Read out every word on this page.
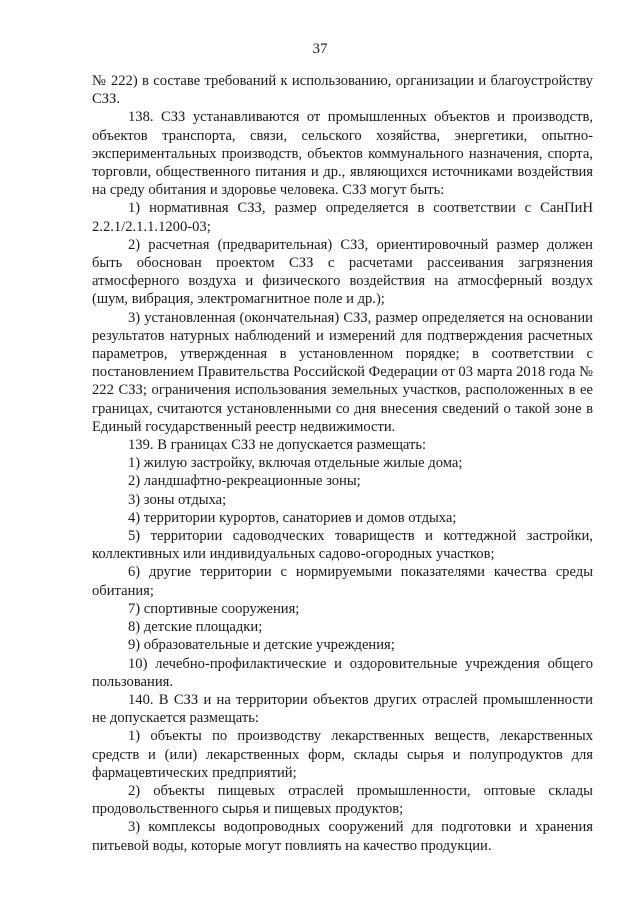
37

№ 222) в составе требований к использованию, организации и благоустройству СЗЗ.

138. СЗЗ устанавливаются от промышленных объектов и производств, объектов транспорта, связи, сельского хозяйства, энергетики, опытно-экспериментальных производств, объектов коммунального назначения, спорта, торговли, общественного питания и др., являющихся источниками воздействия на среду обитания и здоровье человека. СЗЗ могут быть:

1) нормативная СЗЗ, размер определяется в соответствии с СанПиН 2.2.1/2.1.1.1200-03;

2) расчетная (предварительная) СЗЗ, ориентировочный размер должен быть обоснован проектом СЗЗ с расчетами рассеивания загрязнения атмосферного воздуха и физического воздействия на атмосферный воздух (шум, вибрация, электромагнитное поле и др.);

3) установленная (окончательная) СЗЗ, размер определяется на основании результатов натурных наблюдений и измерений для подтверждения расчетных параметров, утвержденная в установленном порядке; в соответствии с постановлением Правительства Российской Федерации от 03 марта 2018 года № 222 СЗЗ; ограничения использования земельных участков, расположенных в ее границах, считаются установленными со дня внесения сведений о такой зоне в Единый государственный реестр недвижимости.

139. В границах СЗЗ не допускается размещать:

1) жилую застройку, включая отдельные жилые дома;

2) ландшафтно-рекреационные зоны;

3) зоны отдыха;

4) территории курортов, санаториев и домов отдыха;

5) территории садоводческих товариществ и коттеджной застройки, коллективных или индивидуальных садово-огородных участков;

6) другие территории с нормируемыми показателями качества среды обитания;

7) спортивные сооружения;

8) детские площадки;

9) образовательные и детские учреждения;

10) лечебно-профилактические и оздоровительные учреждения общего пользования.

140. В СЗЗ и на территории объектов других отраслей промышленности не допускается размещать:

1) объекты по производству лекарственных веществ, лекарственных средств и (или) лекарственных форм, склады сырья и полупродуктов для фармацевтических предприятий;

2) объекты пищевых отраслей промышленности, оптовые склады продовольственного сырья и пищевых продуктов;

3) комплексы водопроводных сооружений для подготовки и хранения питьевой воды, которые могут повлиять на качество продукции.
